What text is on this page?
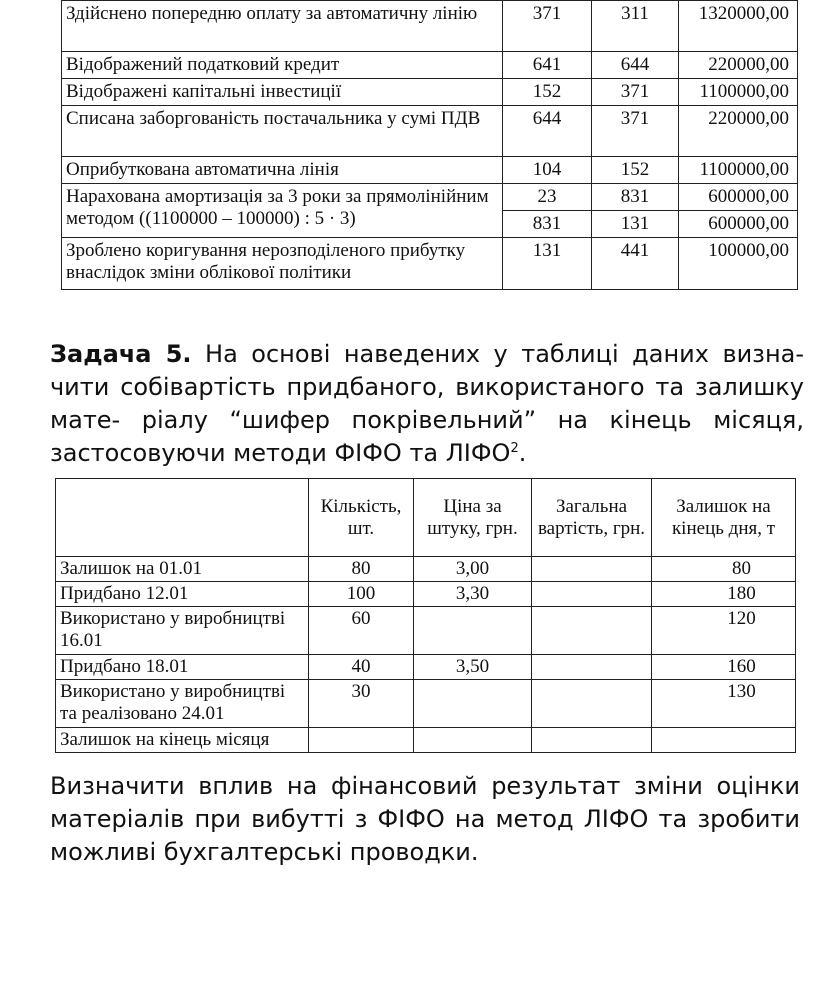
Здійснено попередню оплату за автоматичну лінію	371	311	1320000,00
Відображений податковий кредит	641	644	220000,00
Відображені капітальні інвестиції	152	371	1100000,00
Списана заборгованість постачальника у сумі ПДВ	644	371	220000,00
Оприбуткована автоматична лінія	104	152	1100000,00
Нарахована амортизація за 3 роки за прямолінійним методом ((1100000 – 100000) : 5 · 3)	23	831	600000,00
	831	131	600000,00
Зроблено коригування нерозподіленого прибутку внаслідок зміни облікової політики	131	441	100000,00

Задача 5. На основі наведених у таблиці даних визна- чити собівартість придбаного, використаного та залишку мате- ріалу “шифер покрівельний” на кінець місяця, застосовуючи методи ФІФО та ЛІФО$^2$.

	Кількість, шт.	Ціна за штуку, грн.	Загальна вартість, грн.	Залишок на кінець дня, т
Залишок на 01.01	80	3,00		80
Придбано 12.01	100	3,30		180
Використано у виробництві 16.01	60			120
Придбано 18.01	40	3,50		160
Використано у виробництві та реалізовано 24.01	30			130
Залишок на кінець місяця				

Визначити вплив на фінансовий результат зміни оцінки матеріалів при вибутті з ФІФО на метод ЛІФО та зробити можливі бухгалтерські проводки.
